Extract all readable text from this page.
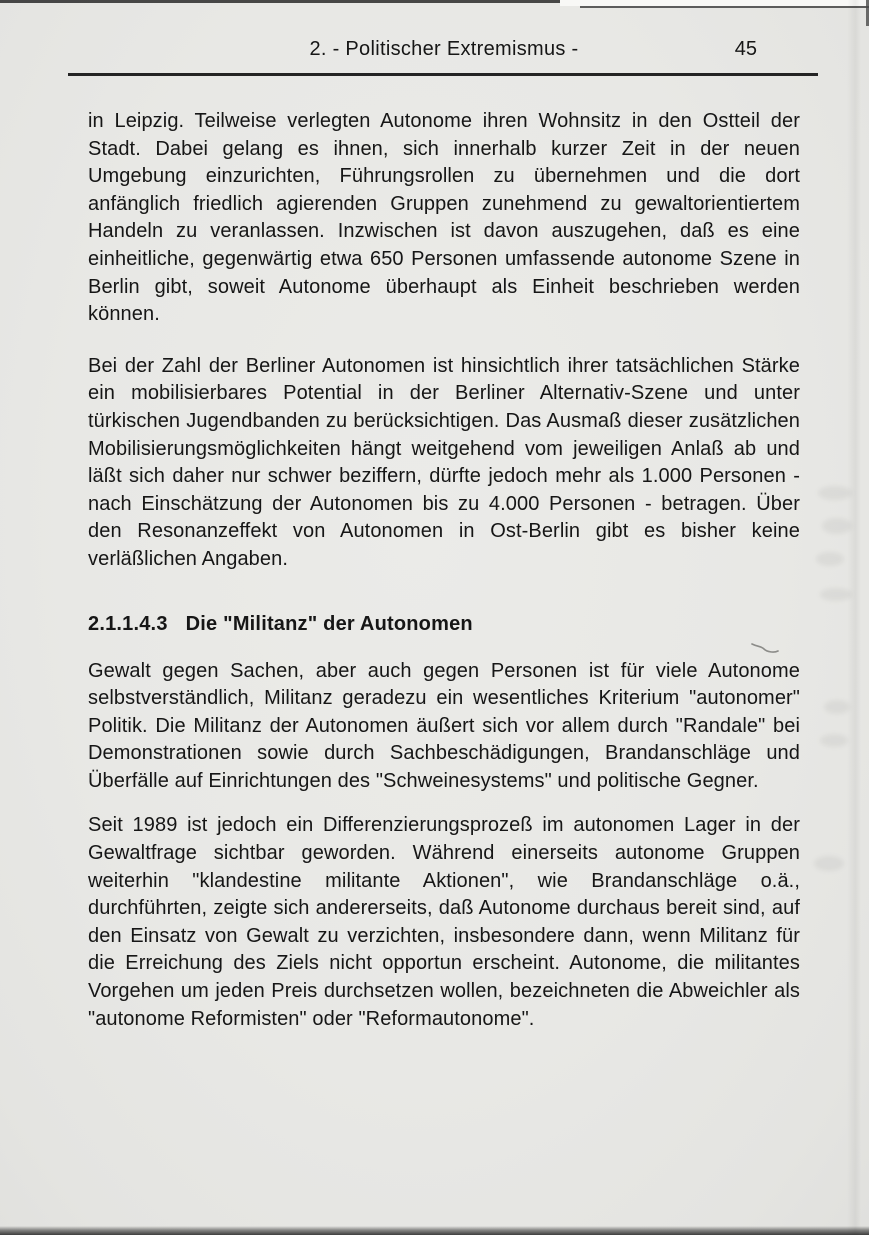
2. - Politischer Extremismus -	45

in Leipzig. Teilweise verlegten Autonome ihren Wohnsitz in den Ostteil der Stadt. Dabei gelang es ihnen, sich innerhalb kurzer Zeit in der neuen Umgebung einzurichten, Führungsrollen zu übernehmen und die dort anfänglich friedlich agierenden Gruppen zunehmend zu gewaltorientiertem Handeln zu veranlassen. Inzwischen ist davon auszugehen, daß es eine einheitliche, gegenwärtig etwa 650 Personen umfassende autonome Szene in Berlin gibt, soweit Autonome überhaupt als Einheit beschrieben werden können.

Bei der Zahl der Berliner Autonomen ist hinsichtlich ihrer tatsächlichen Stärke ein mobilisierbares Potential in der Berliner Alternativ-Szene und unter türkischen Jugendbanden zu berücksichtigen. Das Ausmaß dieser zusätzlichen Mobilisierungsmöglichkeiten hängt weitgehend vom jeweiligen Anlaß ab und läßt sich daher nur schwer beziffern, dürfte jedoch mehr als 1.000 Personen - nach Einschätzung der Autonomen bis zu 4.000 Personen - betragen. Über den Resonanzeffekt von Autonomen in Ost-Berlin gibt es bisher keine verläßlichen Angaben.

2.1.1.4.3 Die "Militanz" der Autonomen

Gewalt gegen Sachen, aber auch gegen Personen ist für viele Autonome selbstverständlich, Militanz geradezu ein wesentliches Kriterium "autonomer" Politik. Die Militanz der Autonomen äußert sich vor allem durch "Randale" bei Demonstrationen sowie durch Sachbeschädigungen, Brandanschläge und Überfälle auf Einrichtungen des "Schweinesystems" und politische Gegner.

Seit 1989 ist jedoch ein Differenzierungsprozeß im autonomen Lager in der Gewaltfrage sichtbar geworden. Während einerseits autonome Gruppen weiterhin "klandestine militante Aktionen", wie Brandanschläge o.ä., durchführten, zeigte sich andererseits, daß Autonome durchaus bereit sind, auf den Einsatz von Gewalt zu verzichten, insbesondere dann, wenn Militanz für die Erreichung des Ziels nicht opportun erscheint. Autonome, die militantes Vorgehen um jeden Preis durchsetzen wollen, bezeichneten die Abweichler als "autonome Reformisten" oder "Reformautonome".
